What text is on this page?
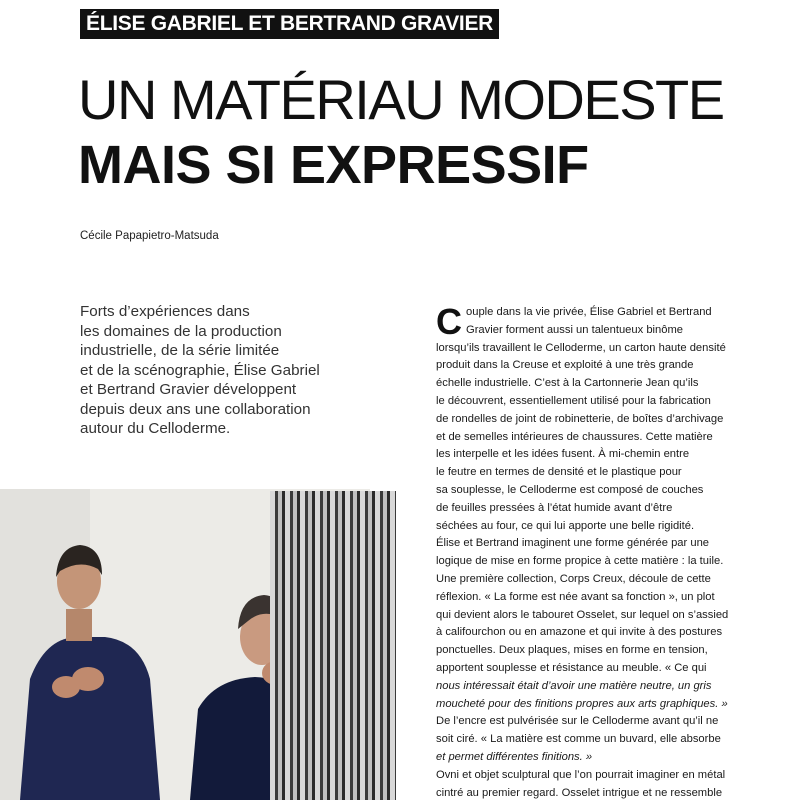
ÉLISE GABRIEL ET BERTRAND GRAVIER
UN MATÉRIAU MODESTE
MAIS SI EXPRESSIF
Cécile Papapietro-Matsuda
Forts d’expériences dans
les domaines de la production
industrielle, de la série limitée
et de la scénographie, Élise Gabriel
et Bertrand Gravier développent
depuis deux ans une collaboration
autour du Celloderme.
C ouple dans la vie privée, Élise Gabriel et Bertrand
Gravier forment aussi un talentueux binôme
lorsqu’ils travaillent le Celloderme, un carton haute densité
produit dans la Creuse et exploité à une très grande
échelle industrielle. C’est à la Cartonnerie Jean qu’ils
le découvrent, essentiellement utilisé pour la fabrication
de rondelles de joint de robinetterie, de boîtes d’archivage
et de semelles intérieures de chaussures. Cette matière
les interpelle et les idées fusent. À mi-chemin entre
le feutre en termes de densité et le plastique pour
sa souplesse, le Celloderme est composé de couches
de feuilles pressées à l’état humide avant d’être
séchées au four, ce qui lui apporte une belle rigidité.
Élise et Bertrand imaginent une forme générée par une
logique de mise en forme propice à cette matière : la tuile.
Une première collection, Corps Creux, découle de cette
réflexion. « La forme est née avant sa fonction », un plot
qui devient alors le tabouret Osselet, sur lequel on s’assied
à califourchon ou en amazone et qui invite à des postures
ponctuelles. Deux plaques, mises en forme en tension,
apportent souplesse et résistance au meuble. « Ce qui
nous intéressait était d’avoir une matière neutre, un gris
moucheté pour des finitions propres aux arts graphiques. »
De l’encre est pulvérisée sur le Celloderme avant qu’il ne
soit ciré. « La matière est comme un buvard, elle absorbe
et permet différentes finitions. »
Ovni et objet sculptural que l’on pourrait imaginer en métal
cintré au premier regard. Osselet intrigue et ne ressemble
